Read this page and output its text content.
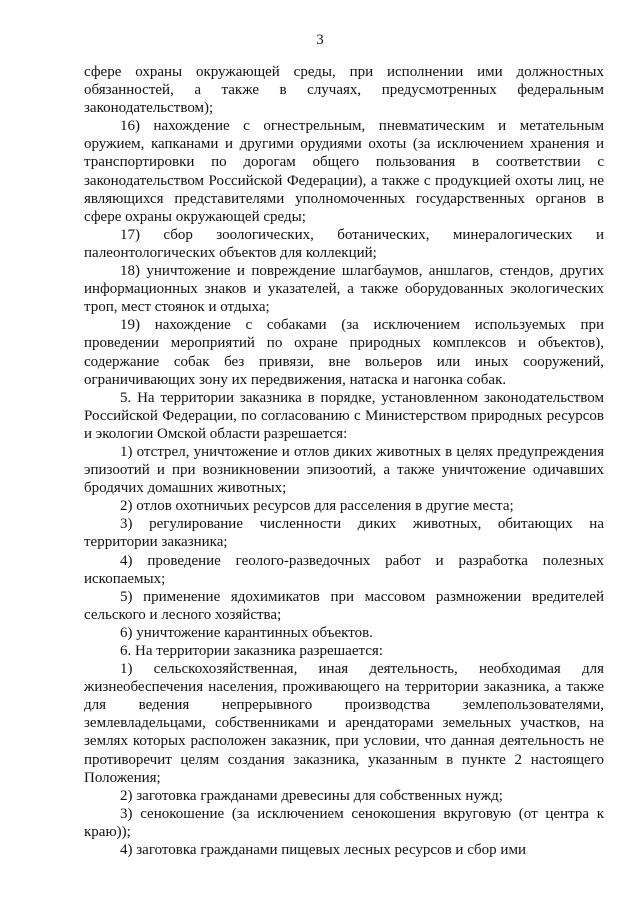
3

сфере охраны окружающей среды, при исполнении ими должностных обязанностей, а также в случаях, предусмотренных федеральным законодательством);

16) нахождение с огнестрельным, пневматическим и метательным оружием, капканами и другими орудиями охоты (за исключением хранения и транспортировки по дорогам общего пользования в соответствии с законодательством Российской Федерации), а также с продукцией охоты лиц, не являющихся представителями уполномоченных государственных органов в сфере охраны окружающей среды;

17) сбор зоологических, ботанических, минералогических и палеонтологических объектов для коллекций;

18) уничтожение и повреждение шлагбаумов, аншлагов, стендов, других информационных знаков и указателей, а также оборудованных экологических троп, мест стоянок и отдыха;

19) нахождение с собаками (за исключением используемых при проведении мероприятий по охране природных комплексов и объектов), содержание собак без привязи, вне вольеров или иных сооружений, ограничивающих зону их передвижения, натаска и нагонка собак.

5. На территории заказника в порядке, установленном законодательством Российской Федерации, по согласованию с Министерством природных ресурсов и экологии Омской области разрешается:

1) отстрел, уничтожение и отлов диких животных в целях предупреждения эпизоотий и при возникновении эпизоотий, а также уничтожение одичавших бродячих домашних животных;

2) отлов охотничьих ресурсов для расселения в другие места;

3) регулирование численности диких животных, обитающих на территории заказника;

4) проведение геолого-разведочных работ и разработка полезных ископаемых;

5) применение ядохимикатов при массовом размножении вредителей сельского и лесного хозяйства;

6) уничтожение карантинных объектов.

6. На территории заказника разрешается:

1) сельскохозяйственная, иная деятельность, необходимая для жизнеобеспечения населения, проживающего на территории заказника, а также для ведения непрерывного производства землепользователями, землевладельцами, собственниками и арендаторами земельных участков, на землях которых расположен заказник, при условии, что данная деятельность не противоречит целям создания заказника, указанным в пункте 2 настоящего Положения;

2) заготовка гражданами древесины для собственных нужд;

3) сенокошение (за исключением сенокошения вкруговую (от центра к краю));

4) заготовка гражданами пищевых лесных ресурсов и сбор ими
